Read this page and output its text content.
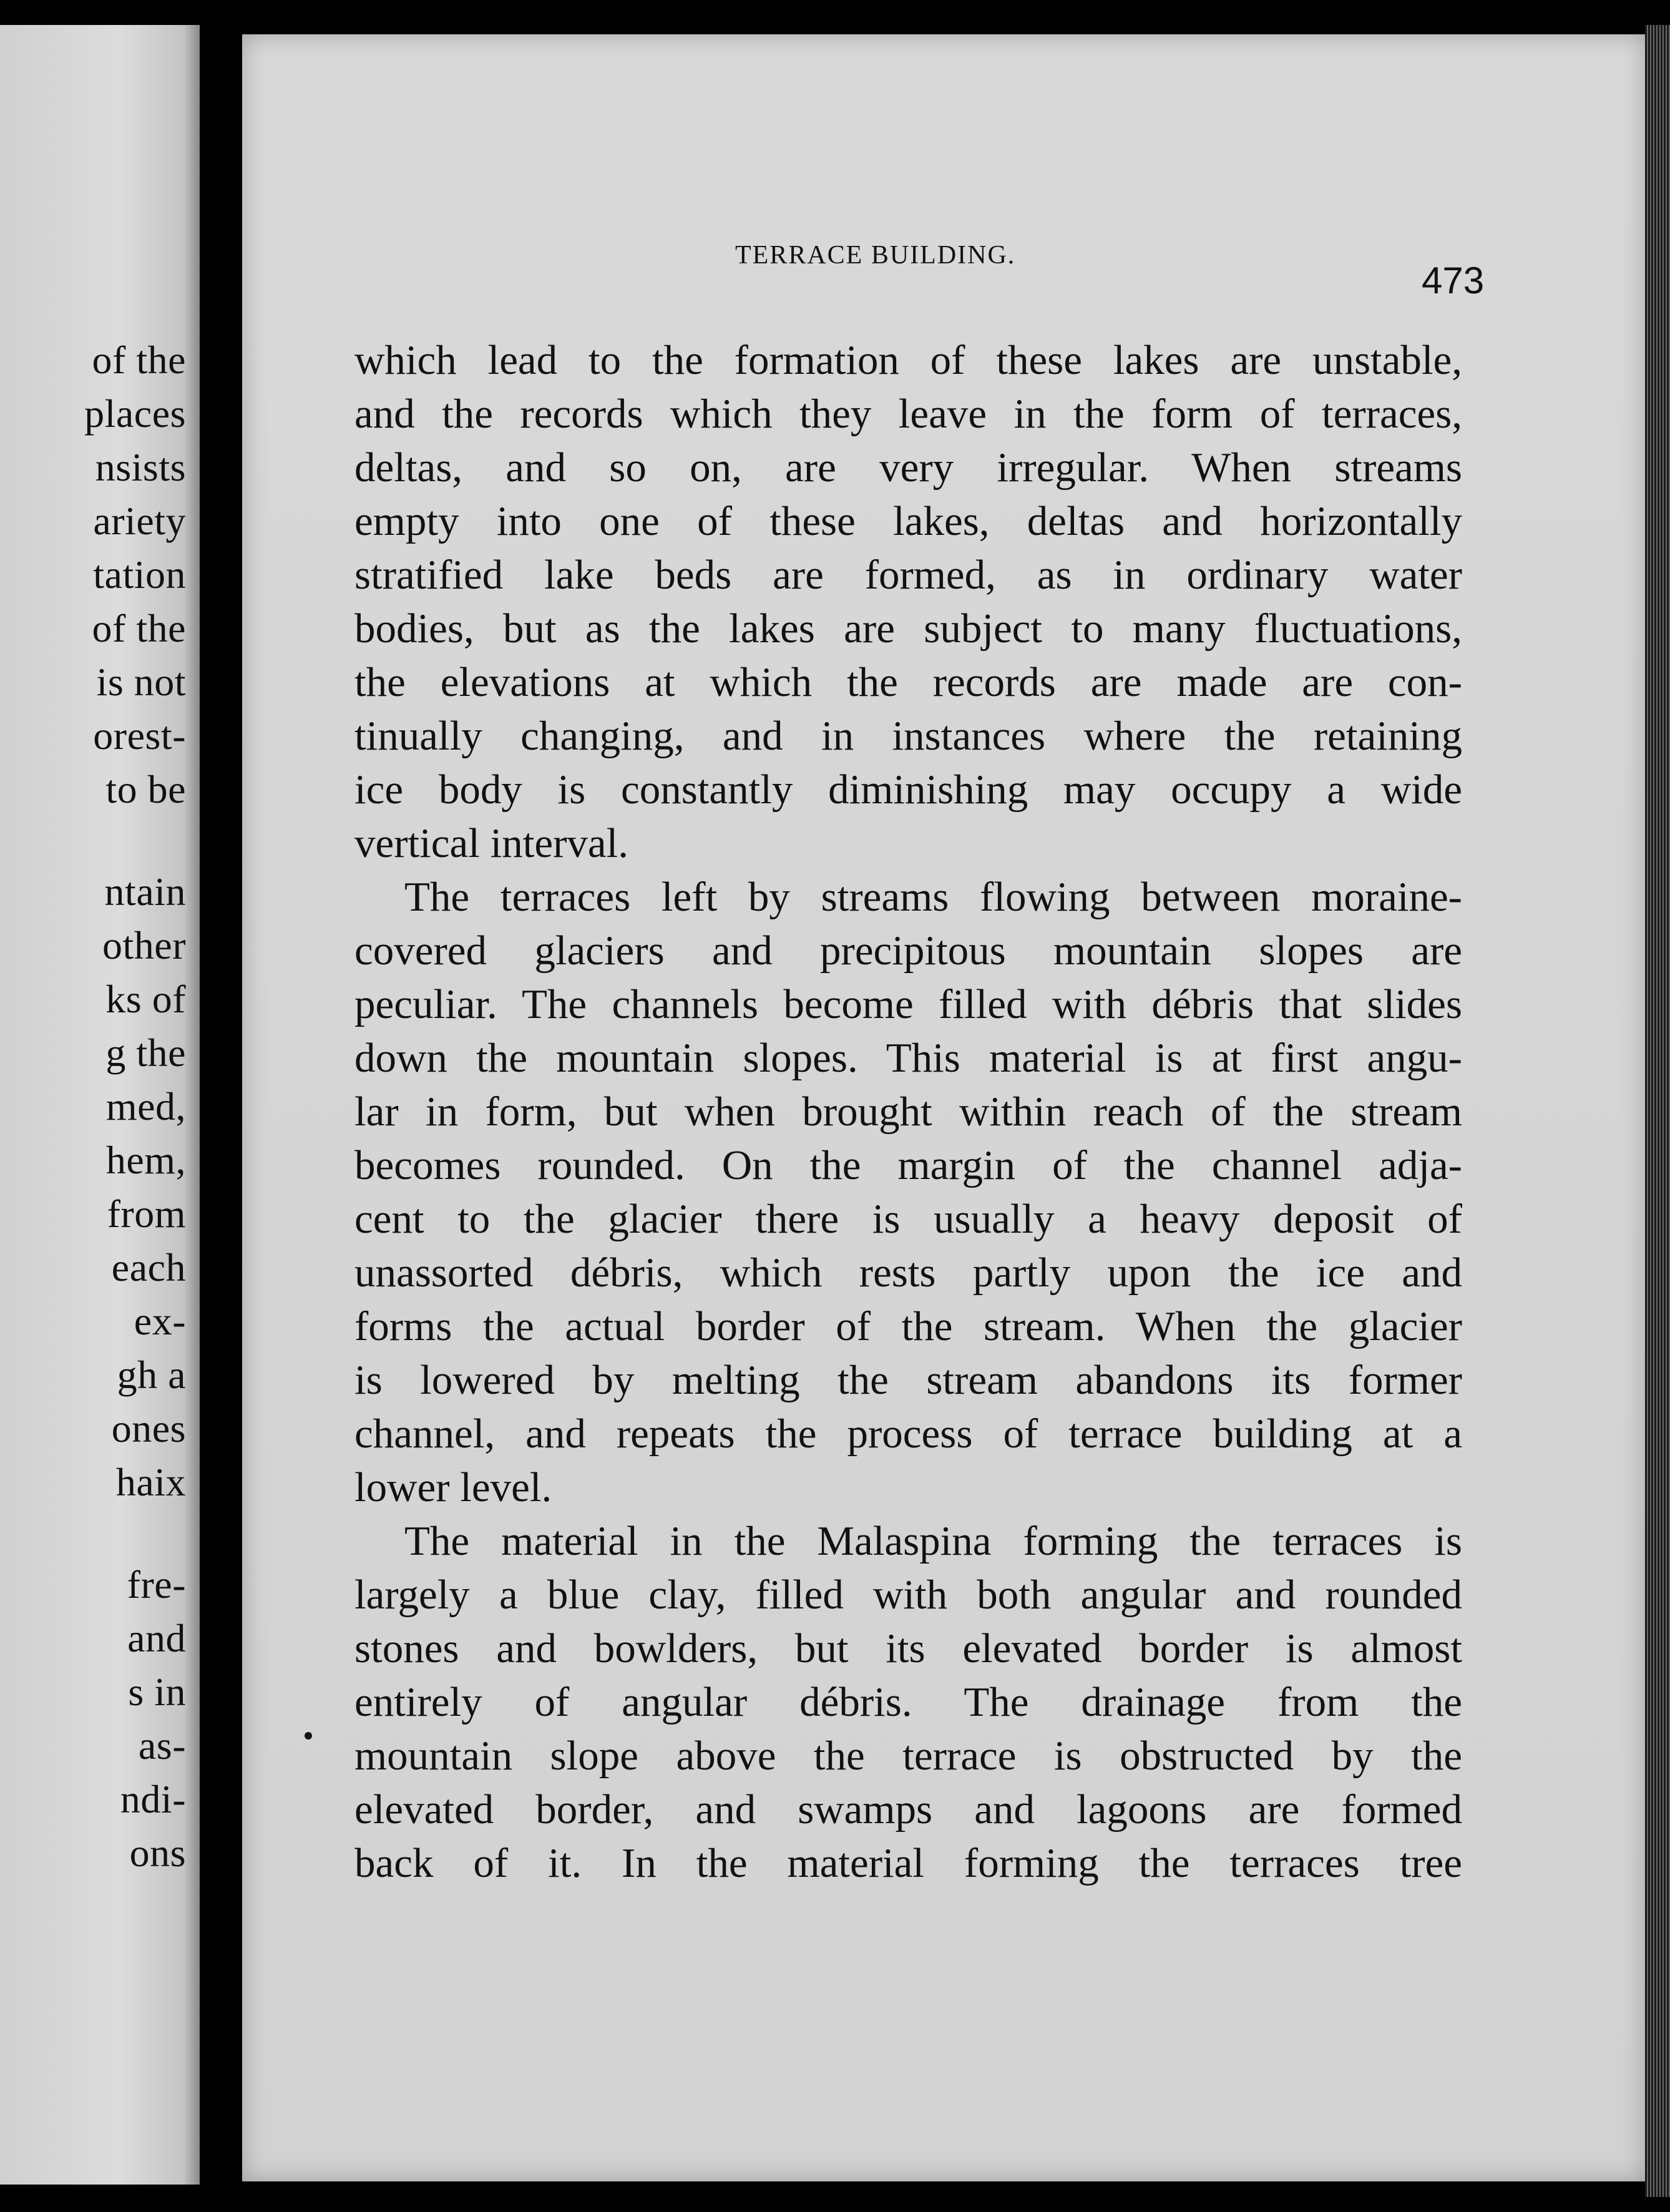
of the
places
nsists
ariety
tation
of the
is not
orest-
to be
ntain
other
ks of
g the
med,
hem,
from
each
ex-
gh a
ones
haix
fre-
and
s in
as-
ndi-
ons
TERRACE BUILDING.
473
which lead to the formation of these lakes are unstable,
and the records which they leave in the form of terraces,
deltas, and so on, are very irregular. When streams
empty into one of these lakes, deltas and horizontally
stratified lake beds are formed, as in ordinary water
bodies, but as the lakes are subject to many fluctuations,
the elevations at which the records are made are con-
tinually changing, and in instances where the retaining
ice body is constantly diminishing may occupy a wide
vertical interval.
The terraces left by streams flowing between moraine-
covered glaciers and precipitous mountain slopes are
peculiar. The channels become filled with débris that slides
down the mountain slopes. This material is at first angu-
lar in form, but when brought within reach of the stream
becomes rounded. On the margin of the channel adja-
cent to the glacier there is usually a heavy deposit of
unassorted débris, which rests partly upon the ice and
forms the actual border of the stream. When the glacier
is lowered by melting the stream abandons its former
channel, and repeats the process of terrace building at a
lower level.
The material in the Malaspina forming the terraces is
largely a blue clay, filled with both angular and rounded
stones and bowlders, but its elevated border is almost
entirely of angular débris. The drainage from the
mountain slope above the terrace is obstructed by the
elevated border, and swamps and lagoons are formed
back of it. In the material forming the terraces tree
